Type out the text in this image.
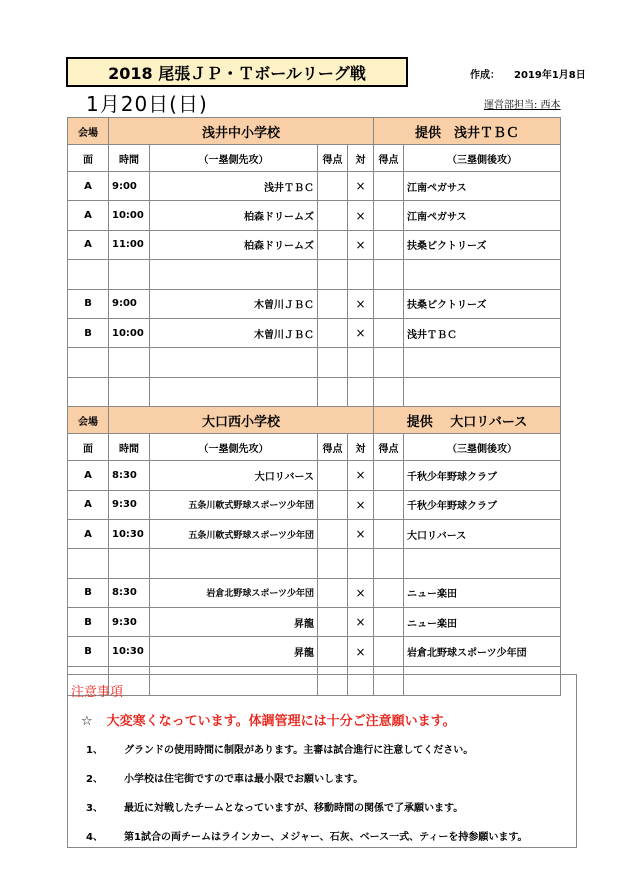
2018 尾張ＪＰ・Ｔボールリーグ戦	作成： 2019年1月8日
1月20日(日)	運営部担当: 西本
会場	浅井中小学校				提供　浅井ＴＢＣ	
面	時間	（一塁側先攻）	得点	対	得点	（三塁側後攻）
A	9:00	浅井ＴＢＣ		×		江南ペガサス
A	10:00	柏森ドリームズ		×		江南ペガサス
A	11:00	柏森ドリームズ		×		扶桑ピクトリーズ

B	9:00	木曽川ＪＢＣ		×		扶桑ピクトリーズ
B	10:00	木曽川ＪＢＣ		×		浅井ＴＢＣ

会場	大口西小学校				提供　 大口リバース	
面	時間	（一塁側先攻）	得点	対	得点	（三塁側後攻）
A	8:30	大口リバース		×		千秋少年野球クラブ
A	9:30	五条川軟式野球スポーツ少年団		×		千秋少年野球クラブ
A	10:30	五条川軟式野球スポーツ少年団		×		大口リバース

B	8:30	岩倉北野球スポーツ少年団		×		ニュー楽田
B	9:30	昇龍		×		ニュー楽田
B	10:30	昇龍		×		岩倉北野球スポーツ少年団

注意事項
☆ 大変寒くなっています。体調管理には十分ご注意願います。
1、 グランドの使用時間に制限があります。主審は試合進行に注意してください。
2、 小学校は住宅街ですので車は最小限でお願いします。
3、 最近に対戦したチームとなっていますが、移動時間の関係で了承願います。
4、 第1試合の両チームはラインカー、メジャー、石灰、ベース一式、ティーを持参願います。
